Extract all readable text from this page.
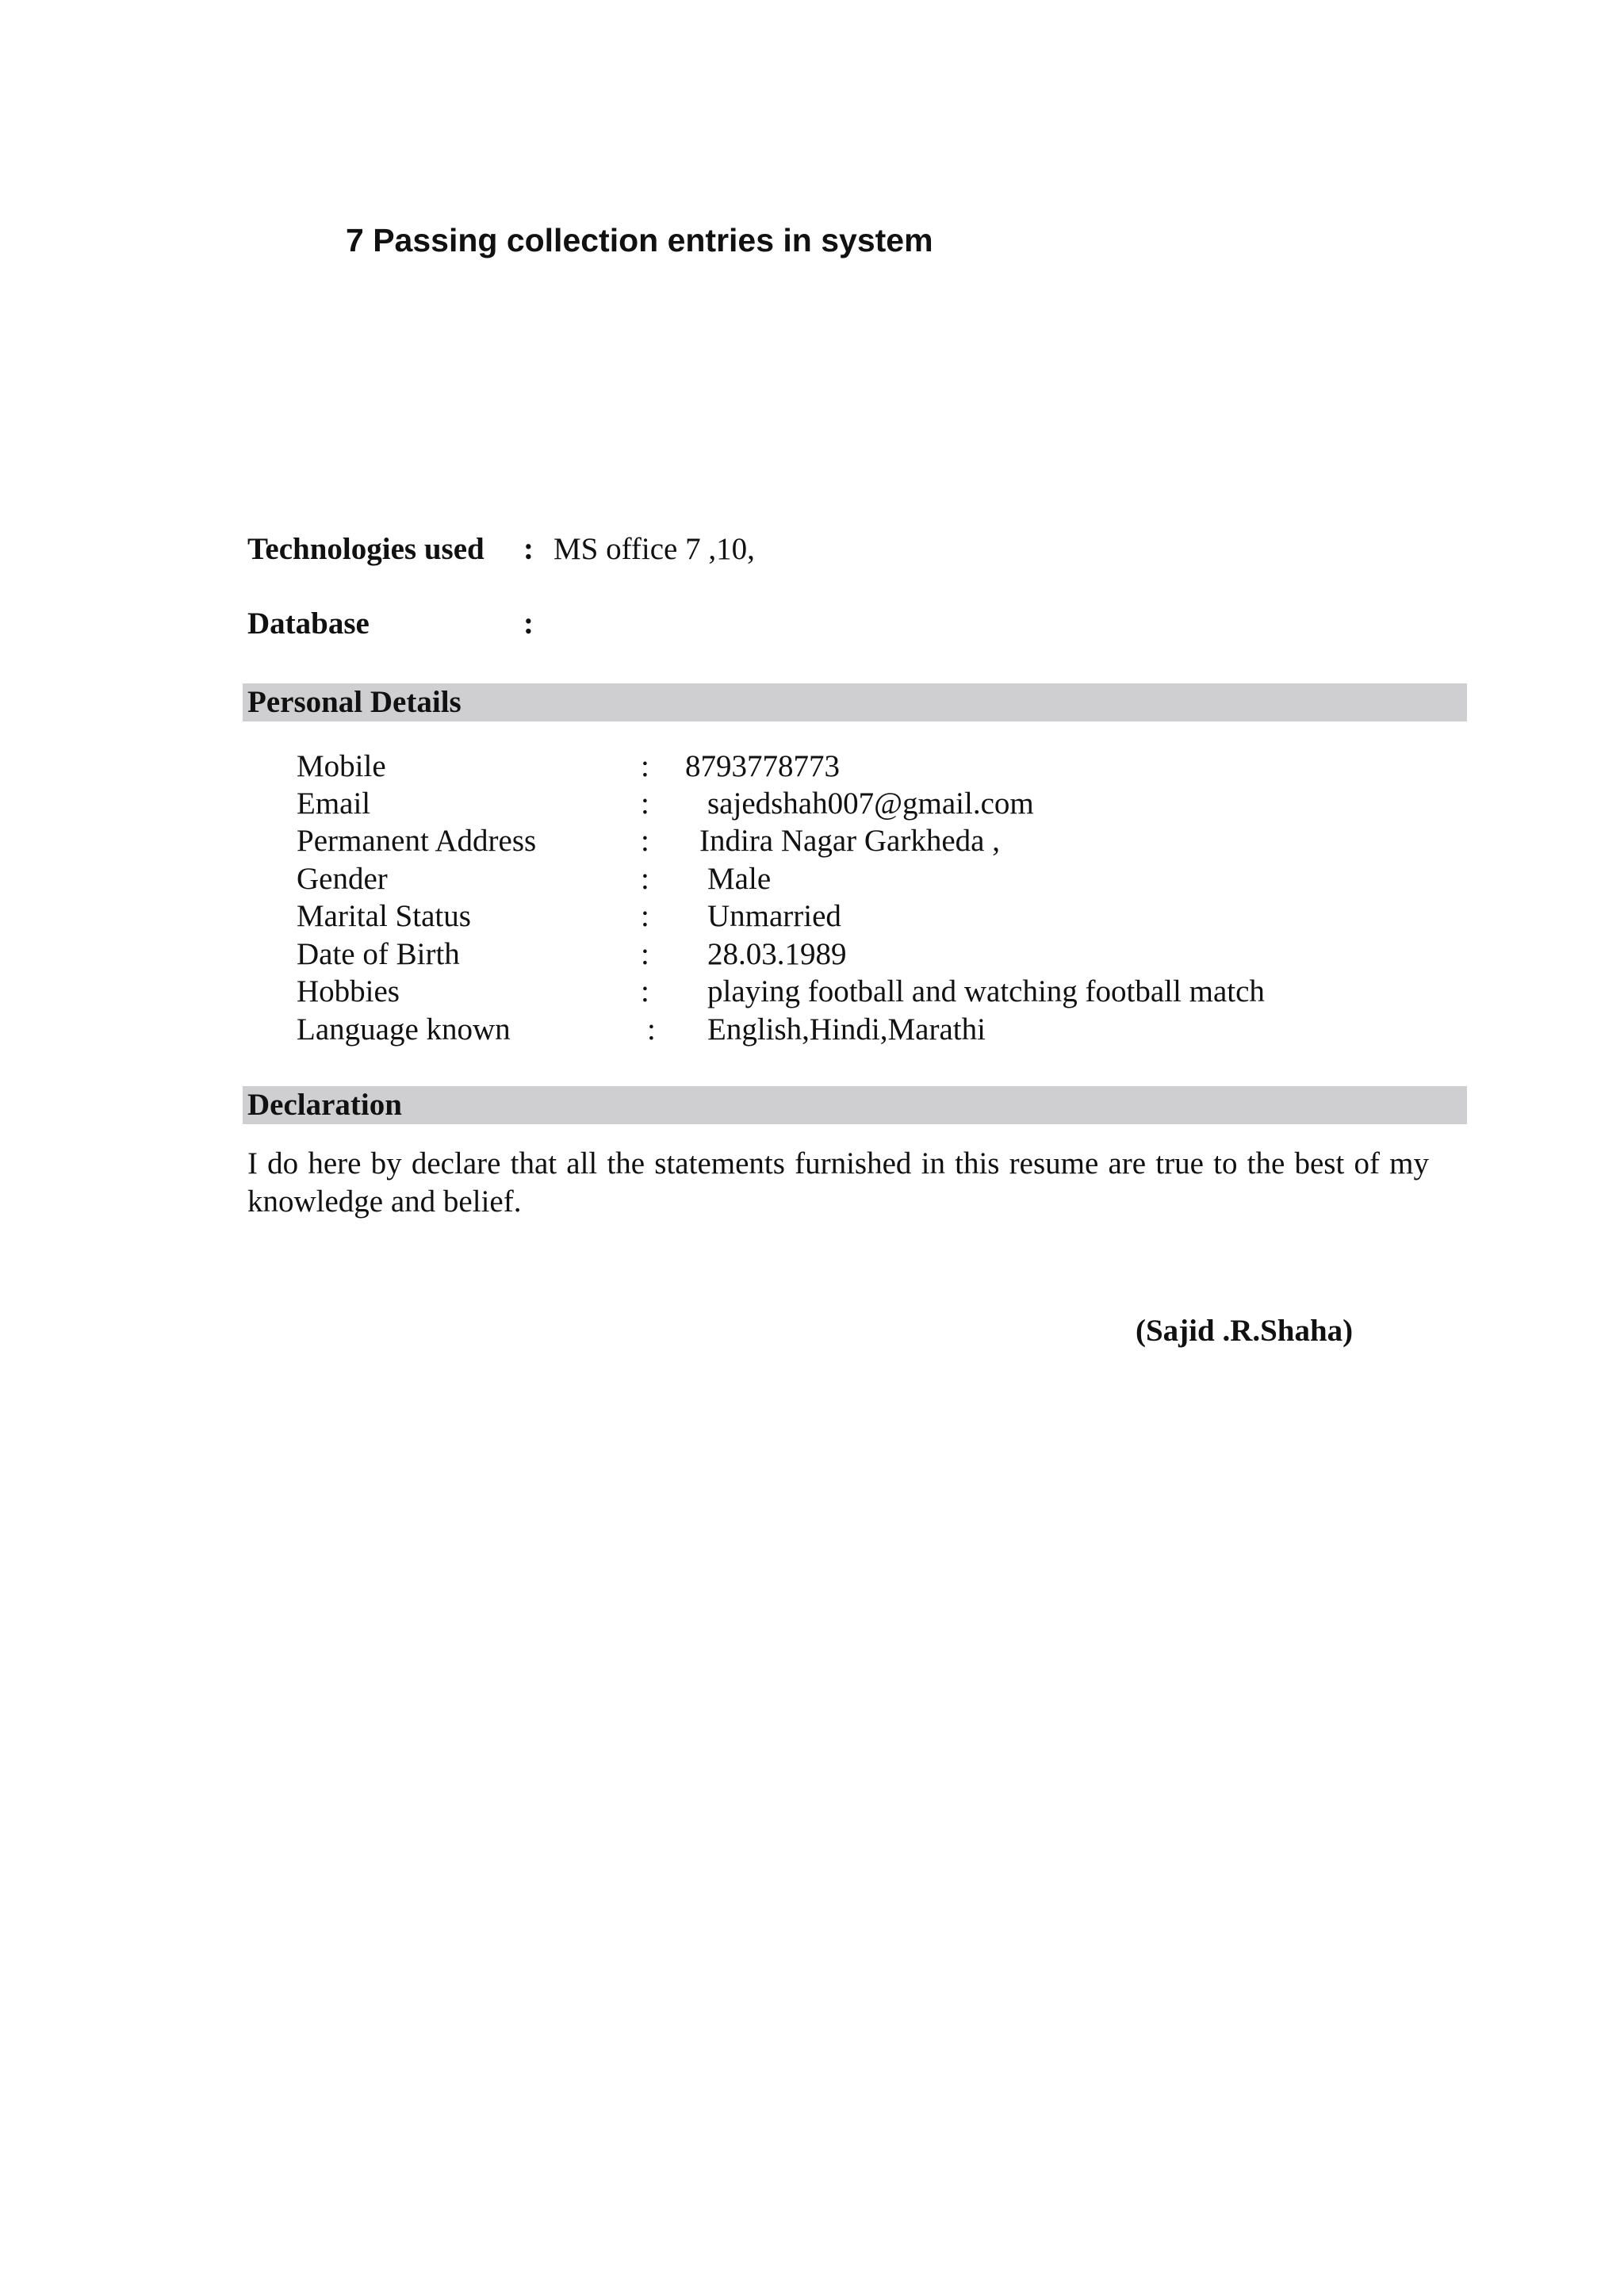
7 Passing collection entries in system
Technologies used : MS office 7 ,10,
Database	:
Personal Details
Mobile	: 8793778773
Email	: sajedshah007@gmail.com
Permanent Address	: Indira Nagar Garkheda ,
Gender	: Male
Marital Status	: Unmarried
Date of Birth	: 28.03.1989
Hobbies	: playing football and watching football match
Language known	: English,Hindi,Marathi
Declaration
I do here by declare that all the statements furnished in this resume are true to the best of my knowledge and belief.
(Sajid .R.Shaha)
